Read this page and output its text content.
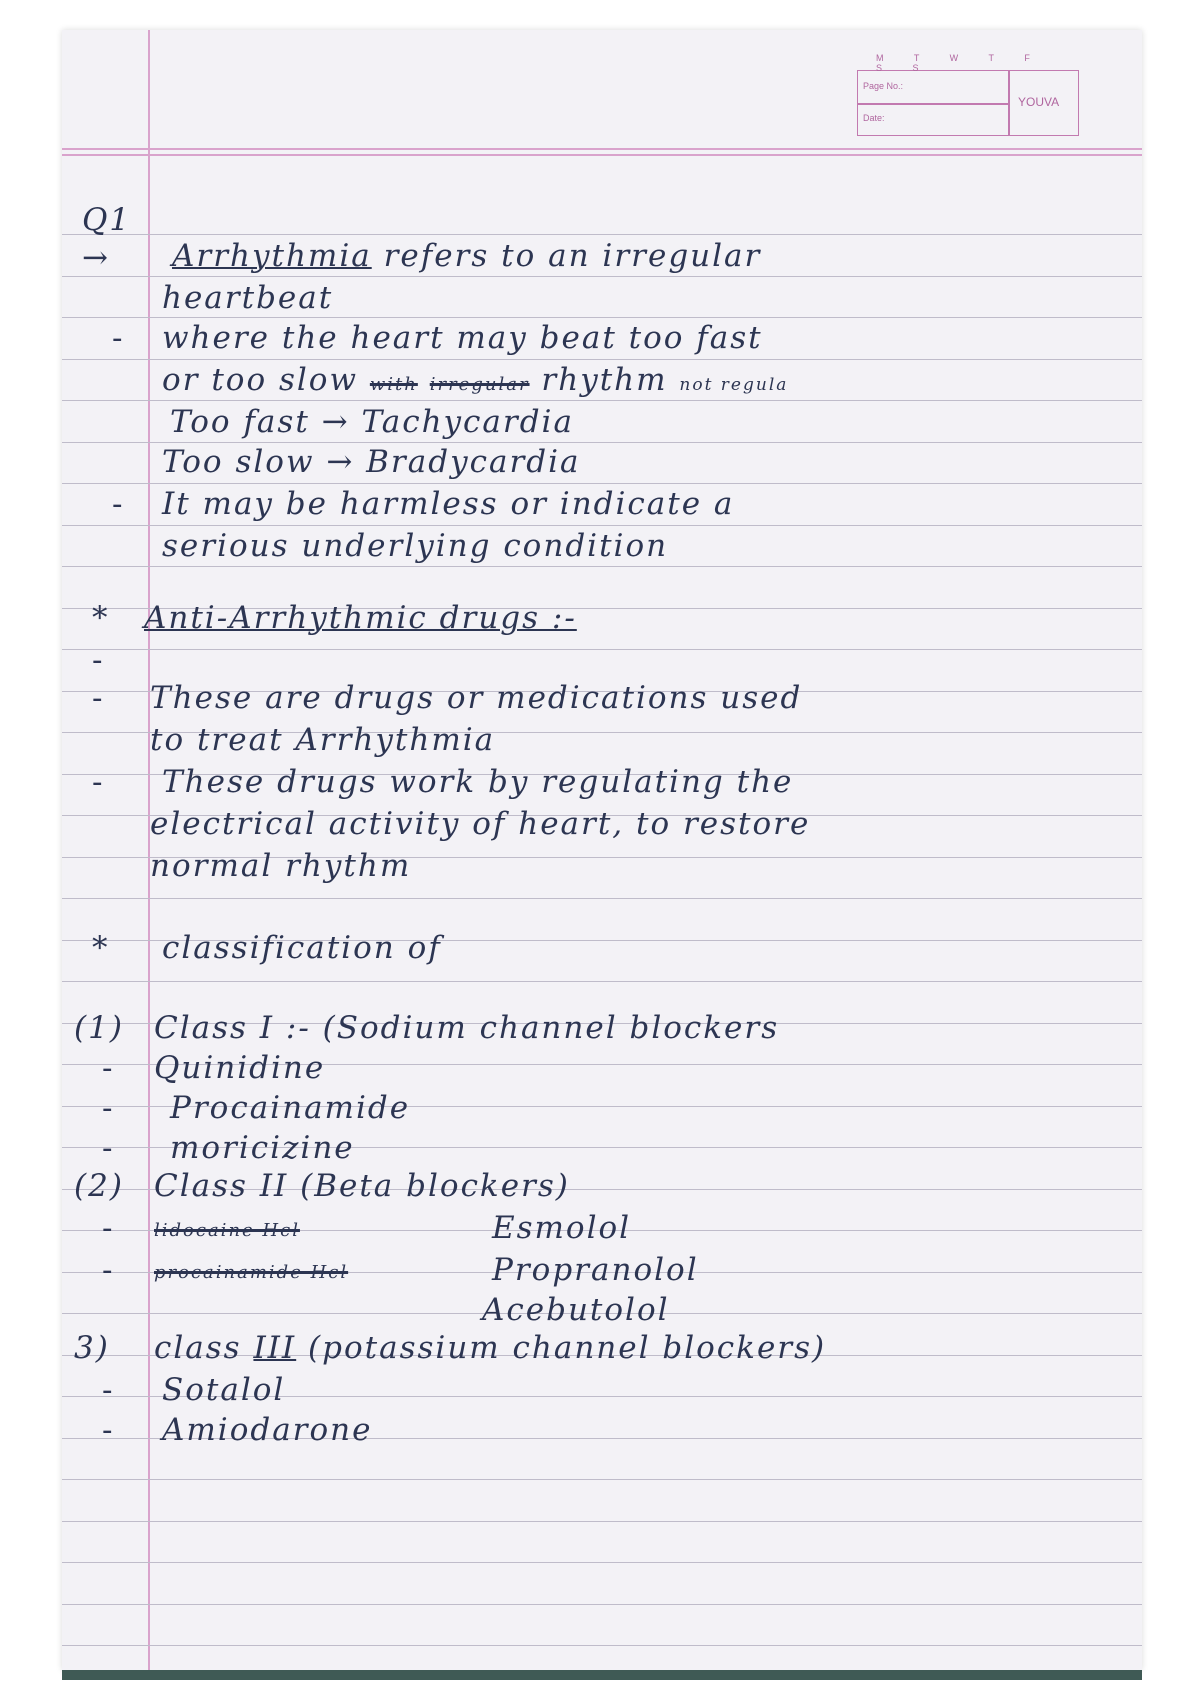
M T W T F S S
Page No.:
Date:
YOUVA
Q1
→ Arrhythmia refers to an irregular
heartbeat
- where the heart may beat too fast
or too slow with irregular rhythm not regula
Too fast → Tachycardia
Too slow → Bradycardia
- It may be harmless or indicate a
serious underlying condition
* Anti-Arrhythmic drugs :-
-
- These are drugs or medications used
to treat Arrhythmia
- These drugs work by regulating the
electrical activity of heart, to restore
normal rhythm
* classification of
(1) Class I :- (Sodium channel blockers
- Quinidine
- Procainamide
- moricizine
(2) Class II (Beta blockers)
- lidocaine Hcl	Esmolol
- procainamide Hcl	Propranolol
Acebutolol
3) class III (potassium channel blockers)
- Sotalol
- Amiodarone
